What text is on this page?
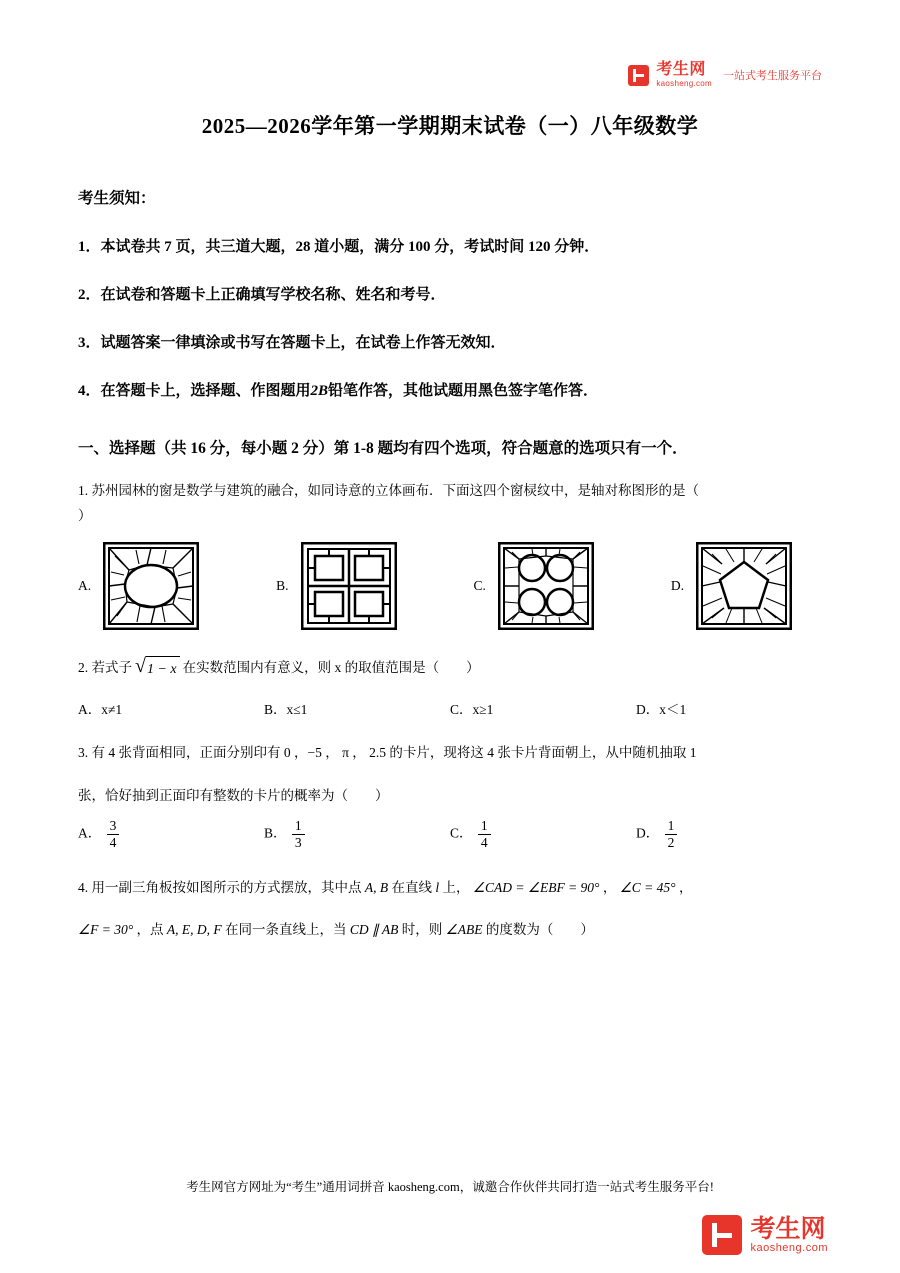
考生网
kaosheng.com
一站式考生服务平台
2025—2026学年第一学期期末试卷（一）八年级数学
考生须知：
1．本试卷共 7 页，共三道大题，28 道小题，满分 100 分，考试时间 120 分钟．
2．在试卷和答题卡上正确填写学校名称、姓名和考号．
3．试题答案一律填涂或书写在答题卡上，在试卷上作答无效知．
4．在答题卡上，选择题、作图题用2B铅笔作答，其他试题用黑色签字笔作答．
一、选择题（共 16 分，每小题 2 分）第 1-8 题均有四个选项，符合题意的选项只有一个．
1. 苏州园林的窗是数学与建筑的融合，如同诗意的立体画布．下面这四个窗棂纹中，是轴对称图形的是（
）
A.	B.	C.	D.
2. 若式子 √ 1 − x 在实数范围内有意义，则 x 的取值范围是（　　）
A．x≠1	B．x≤1	C．x≥1	D．x＜1
3. 有 4 张背面相同，正面分别印有 0 ，−5 ， π ， 2.5 的卡片，现将这 4 张卡片背面朝上，从中随机抽取 1
张，恰好抽到正面印有整数的卡片的概率为（　　）
A． $\frac{3}{4}$	B． $\frac{1}{3}$	C． $\frac{1}{4}$	D． $\frac{1}{2}$
4. 用一副三角板按如图所示的方式摆放，其中点 A, B 在直线 l 上， ∠CAD = ∠EBF = 90° ， ∠C = 45° ，
∠F = 30° ，点 A, E, D, F 在同一条直线上，当 CD ∥ AB 时，则 ∠ABE 的度数为（　　）
考生网官方网址为“考生”通用词拼音 kaosheng.com，诚邀合作伙伴共同打造一站式考生服务平台!
考生网
kaosheng.com
